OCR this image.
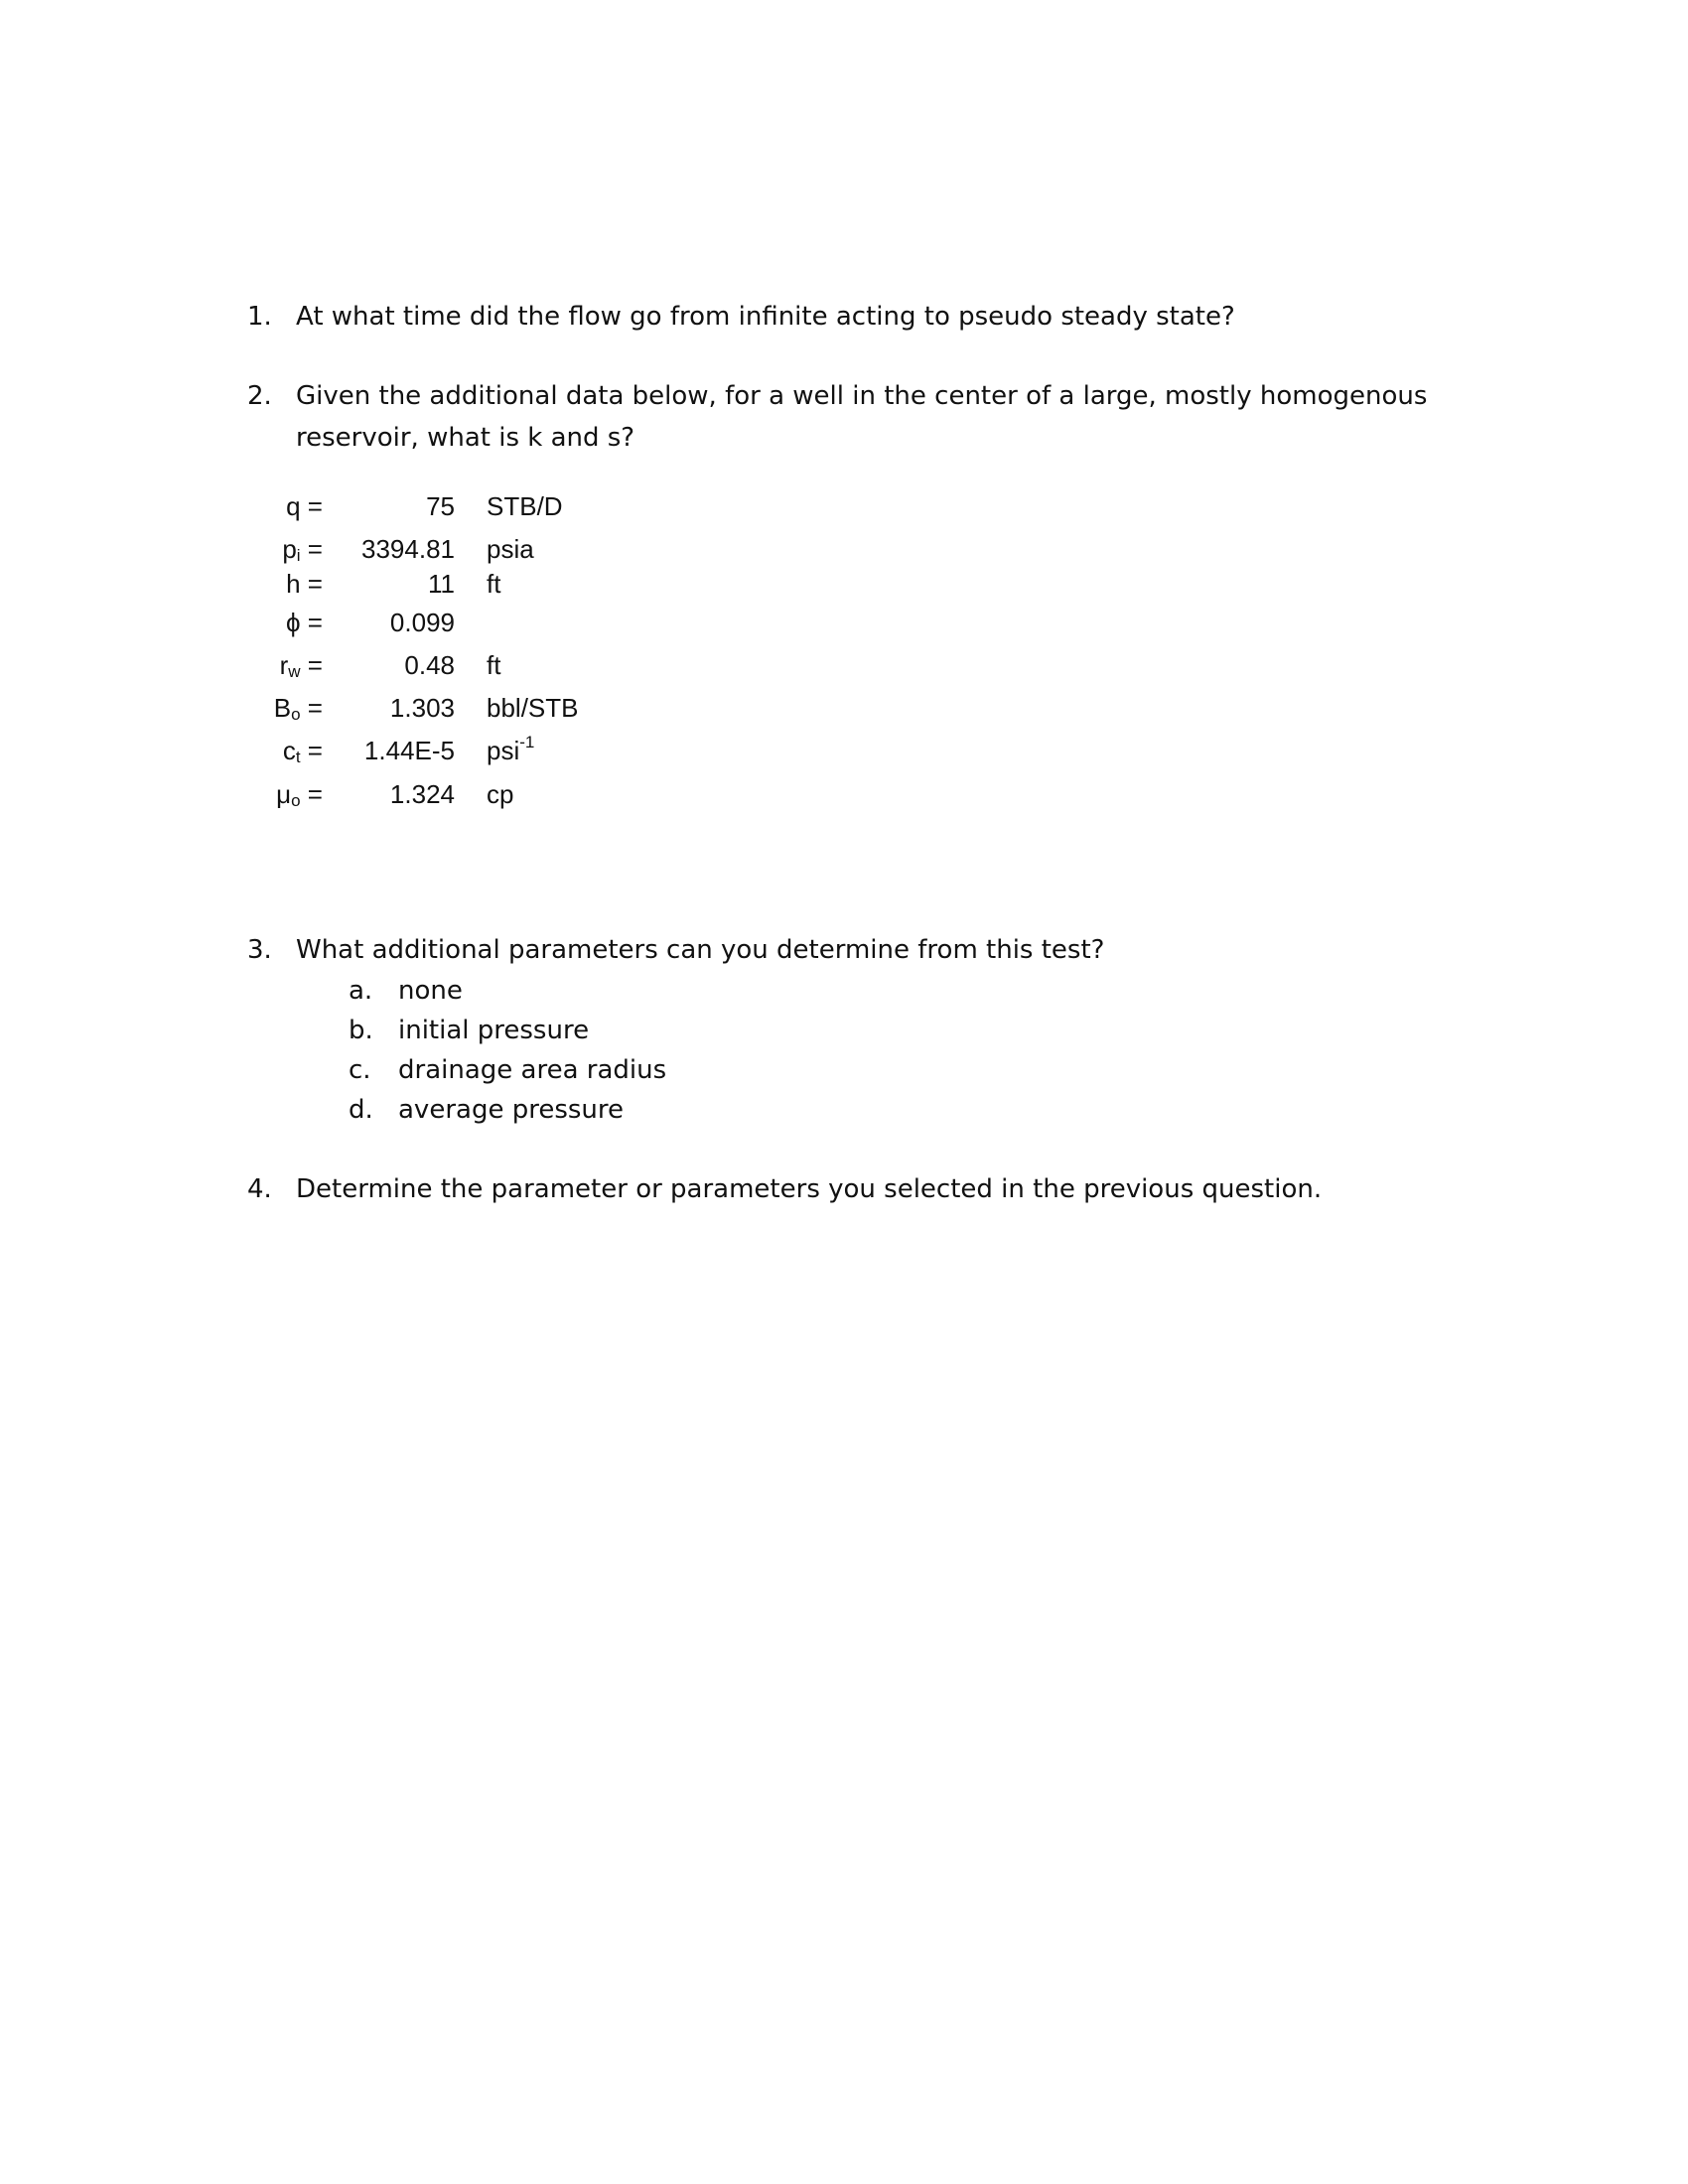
1. At what time did the flow go from infinite acting to pseudo steady state?
2. Given the additional data below, for a well in the center of a large, mostly homogenous
reservoir, what is k and s?
q =	75 STB/D
pi = 3394.81 psia
h =	11 ft
ϕ =	0.099
rw =	0.48 ft
Bo =	1.303 bbl/STB
ct = 1.44E-5 psi$^{-1}$
μo =	1.324 cp
3. What additional parameters can you determine from this test?
a. none
b. initial pressure
c. drainage area radius
d. average pressure
4. Determine the parameter or parameters you selected in the previous question.
